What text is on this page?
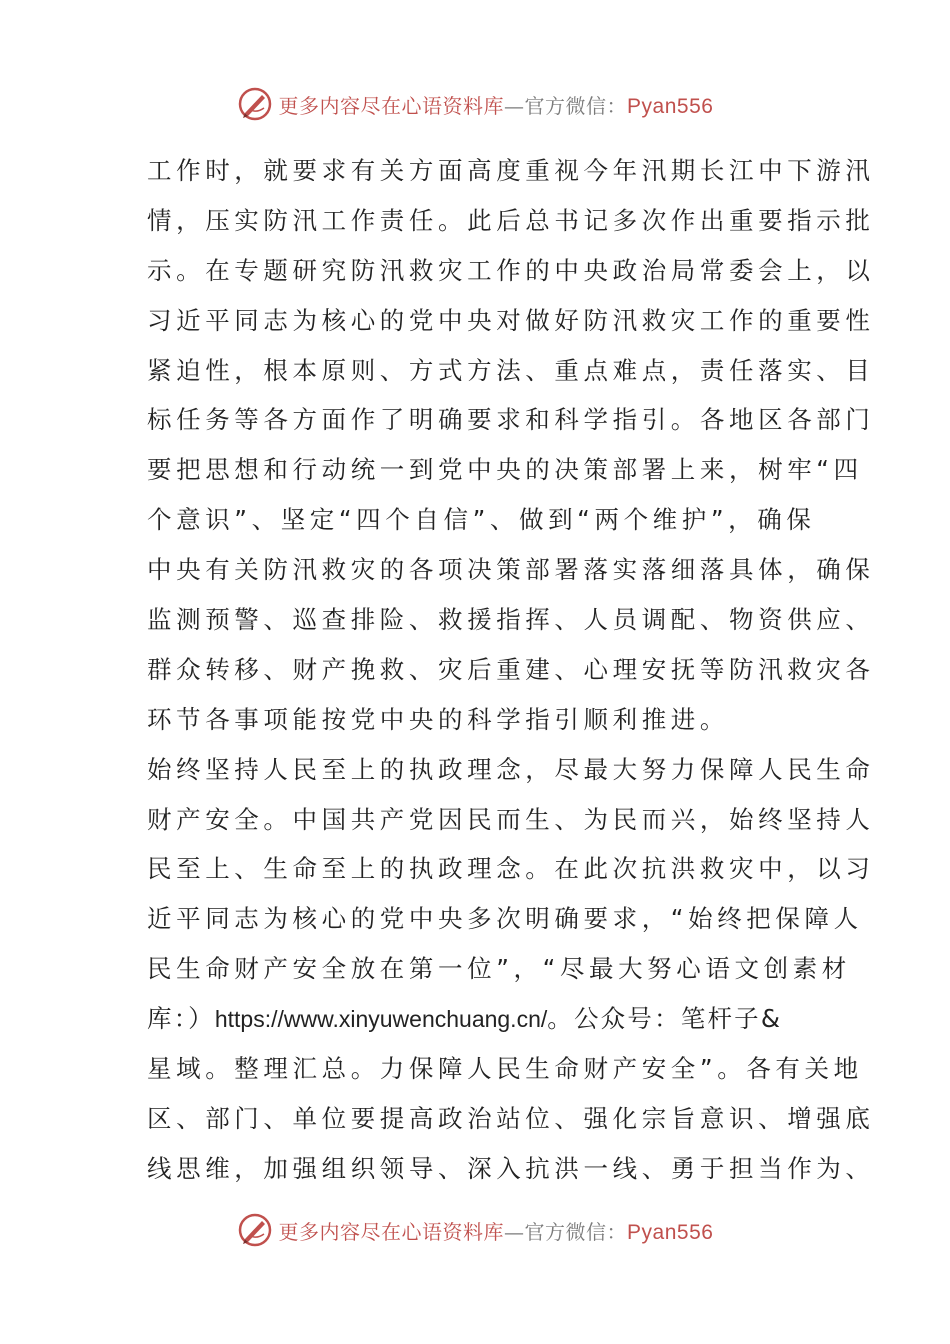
更多内容尽在心语资料库—官方微信：Pyan556
工作时，就要求有关方面高度重视今年汛期长江中下游汛
情，压实防汛工作责任。此后总书记多次作出重要指示批
示。在专题研究防汛救灾工作的中央政治局常委会上，以
习近平同志为核心的党中央对做好防汛救灾工作的重要性
紧迫性，根本原则、方式方法、重点难点，责任落实、目
标任务等各方面作了明确要求和科学指引。各地区各部门
要把思想和行动统一到党中央的决策部署上来，树牢“四
个意识”、坚定“四个自信”、做到“两个维护”，确保
中央有关防汛救灾的各项决策部署落实落细落具体，确保
监测预警、巡查排险、救援指挥、人员调配、物资供应、
群众转移、财产挽救、灾后重建、心理安抚等防汛救灾各
环节各事项能按党中央的科学指引顺利推进。
始终坚持人民至上的执政理念，尽最大努力保障人民生命
财产安全。中国共产党因民而生、为民而兴，始终坚持人
民至上、生命至上的执政理念。在此次抗洪救灾中，以习
近平同志为核心的党中央多次明确要求，“始终把保障人
民生命财产安全放在第一位”，“尽最大努心语文创素材
库：）https://www.xinyuwenchuang.cn/。公众号：笔杆子&
星域。整理汇总。力保障人民生命财产安全”。各有关地
区、部门、单位要提高政治站位、强化宗旨意识、增强底
线思维，加强组织领导、深入抗洪一线、勇于担当作为、
更多内容尽在心语资料库—官方微信：Pyan556
